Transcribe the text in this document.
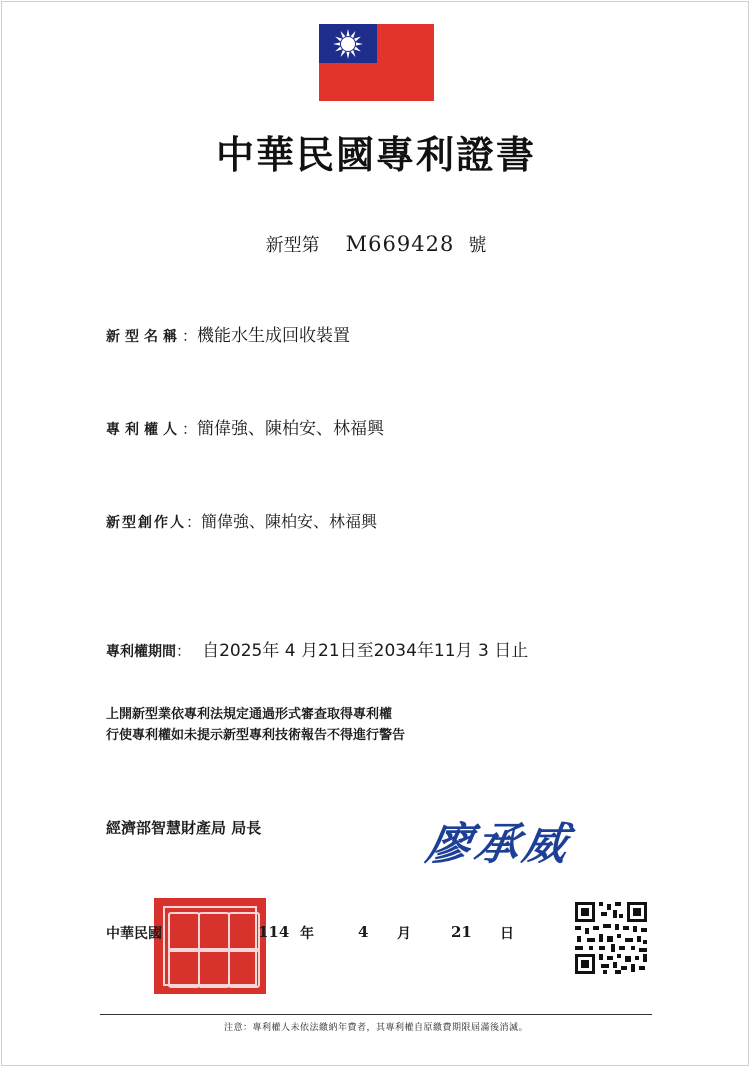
中華民國專利證書
新型第 M669428 號
新型名稱：機能水生成回收裝置
專利權人：簡偉強、陳柏安、林福興
新型創作人：簡偉強、陳柏安、林福興
專利權期間： 自2025年 4 月21日至2034年11月 3 日止
上開新型業依專利法規定通過形式審查取得專利權
行使專利權如未提示新型專利技術報告不得進行警告
經濟部智慧財產局 局長	廖承威
中華民國	114 年	4 月	21 日
注意：專利權人未依法繳納年費者，其專利權自原繳費期限屆滿後消滅。
